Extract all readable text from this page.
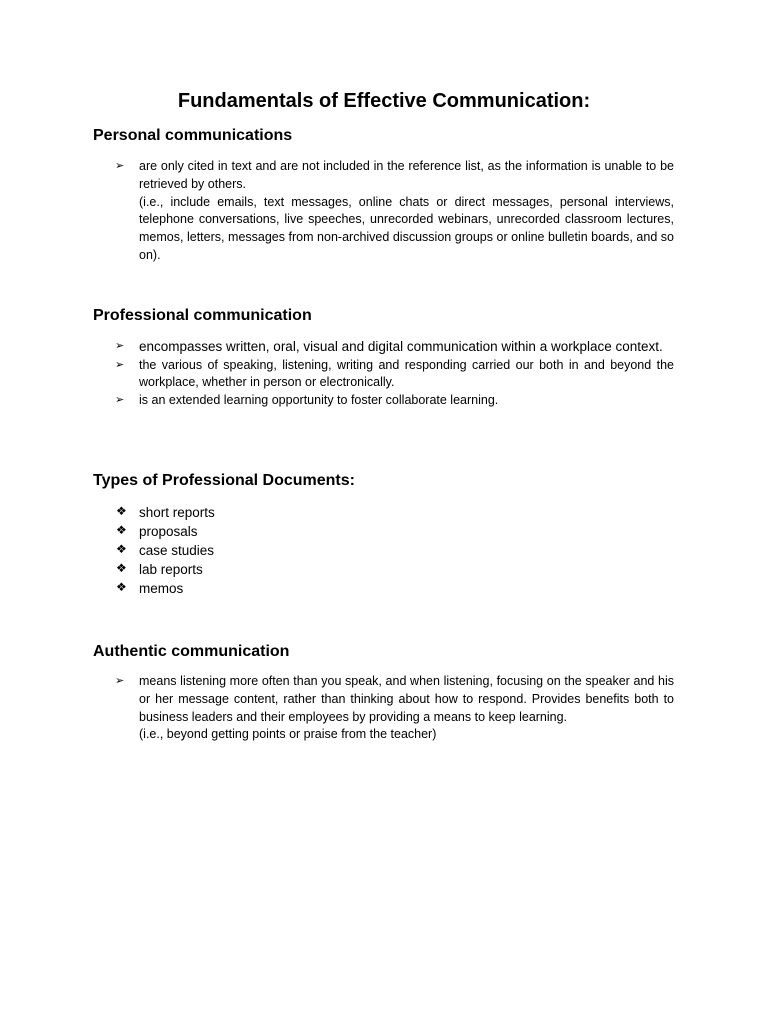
Fundamentals of Effective Communication:
Personal communications
➢ are only cited in text and are not included in the reference list, as the information is unable to be retrieved by others.
(i.e., include emails, text messages, online chats or direct messages, personal interviews, telephone conversations, live speeches, unrecorded webinars, unrecorded classroom lectures, memos, letters, messages from non-archived discussion groups or online bulletin boards, and so on).
Professional communication
➢ encompasses written, oral, visual and digital communication within a workplace context.
➢ the various of speaking, listening, writing and responding carried our both in and beyond the workplace, whether in person or electronically.
➢ is an extended learning opportunity to foster collaborate learning.
Types of Professional Documents:
❖ short reports
❖ proposals
❖ case studies
❖ lab reports
❖ memos
Authentic communication
➢ means listening more often than you speak, and when listening, focusing on the speaker and his or her message content, rather than thinking about how to respond. Provides benefits both to business leaders and their employees by providing a means to keep learning.
(i.e., beyond getting points or praise from the teacher)
